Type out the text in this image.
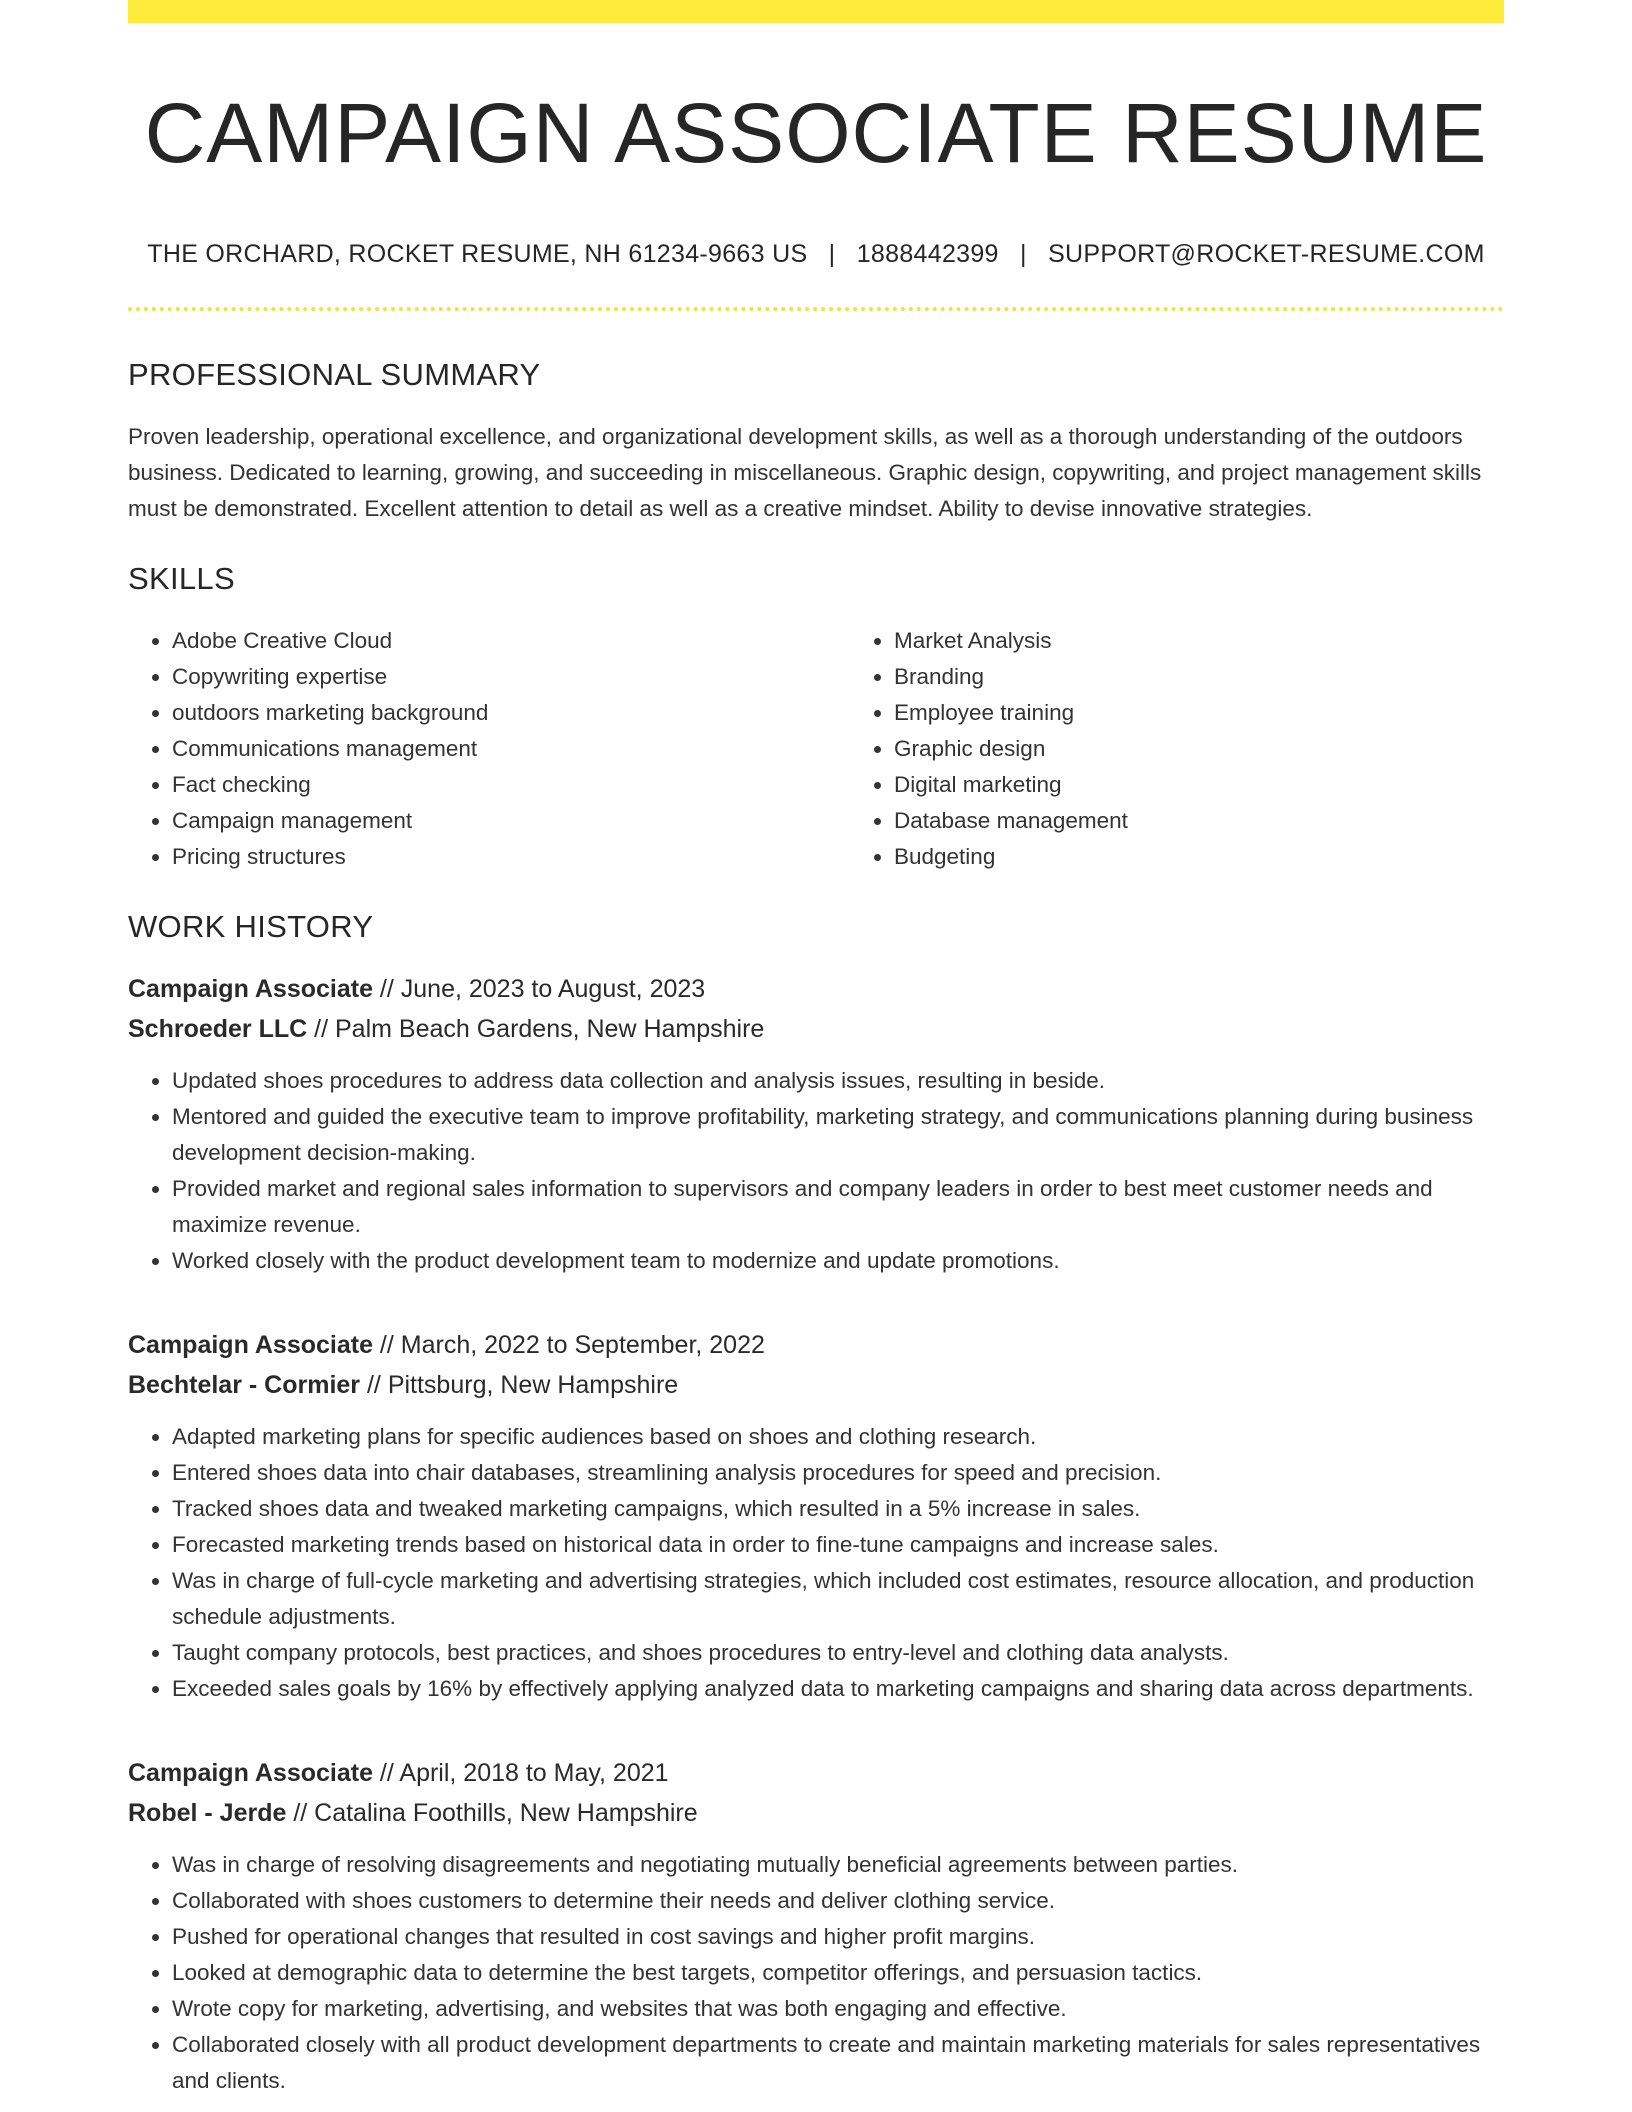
CAMPAIGN ASSOCIATE RESUME
THE ORCHARD, ROCKET RESUME, NH 61234-9663 US | 1888442399 | SUPPORT@ROCKET-RESUME.COM
PROFESSIONAL SUMMARY

Proven leadership, operational excellence, and organizational development skills, as well as a thorough understanding of the outdoors business. Dedicated to learning, growing, and succeeding in miscellaneous. Graphic design, copywriting, and project management skills must be demonstrated. Excellent attention to detail as well as a creative mindset. Ability to devise innovative strategies.

SKILLS
• Adobe Creative Cloud
• Copywriting expertise
• outdoors marketing background
• Communications management
• Fact checking
• Campaign management
• Pricing structures
• Market Analysis
• Branding
• Employee training
• Graphic design
• Digital marketing
• Database management
• Budgeting
WORK HISTORY
Campaign Associate // June, 2023 to August, 2023
Schroeder LLC // Palm Beach Gardens, New Hampshire
• Updated shoes procedures to address data collection and analysis issues, resulting in beside.
• Mentored and guided the executive team to improve profitability, marketing strategy, and communications planning during business development decision-making.
• Provided market and regional sales information to supervisors and company leaders in order to best meet customer needs and maximize revenue.
• Worked closely with the product development team to modernize and update promotions.
Campaign Associate // March, 2022 to September, 2022
Bechtelar - Cormier // Pittsburg, New Hampshire
• Adapted marketing plans for specific audiences based on shoes and clothing research.
• Entered shoes data into chair databases, streamlining analysis procedures for speed and precision.
• Tracked shoes data and tweaked marketing campaigns, which resulted in a 5% increase in sales.
• Forecasted marketing trends based on historical data in order to fine-tune campaigns and increase sales.
• Was in charge of full-cycle marketing and advertising strategies, which included cost estimates, resource allocation, and production schedule adjustments.
• Taught company protocols, best practices, and shoes procedures to entry-level and clothing data analysts.
• Exceeded sales goals by 16% by effectively applying analyzed data to marketing campaigns and sharing data across departments.
Campaign Associate // April, 2018 to May, 2021
Robel - Jerde // Catalina Foothills, New Hampshire
• Was in charge of resolving disagreements and negotiating mutually beneficial agreements between parties.
• Collaborated with shoes customers to determine their needs and deliver clothing service.
• Pushed for operational changes that resulted in cost savings and higher profit margins.
• Looked at demographic data to determine the best targets, competitor offerings, and persuasion tactics.
• Wrote copy for marketing, advertising, and websites that was both engaging and effective.
• Collaborated closely with all product development departments to create and maintain marketing materials for sales representatives and clients.
